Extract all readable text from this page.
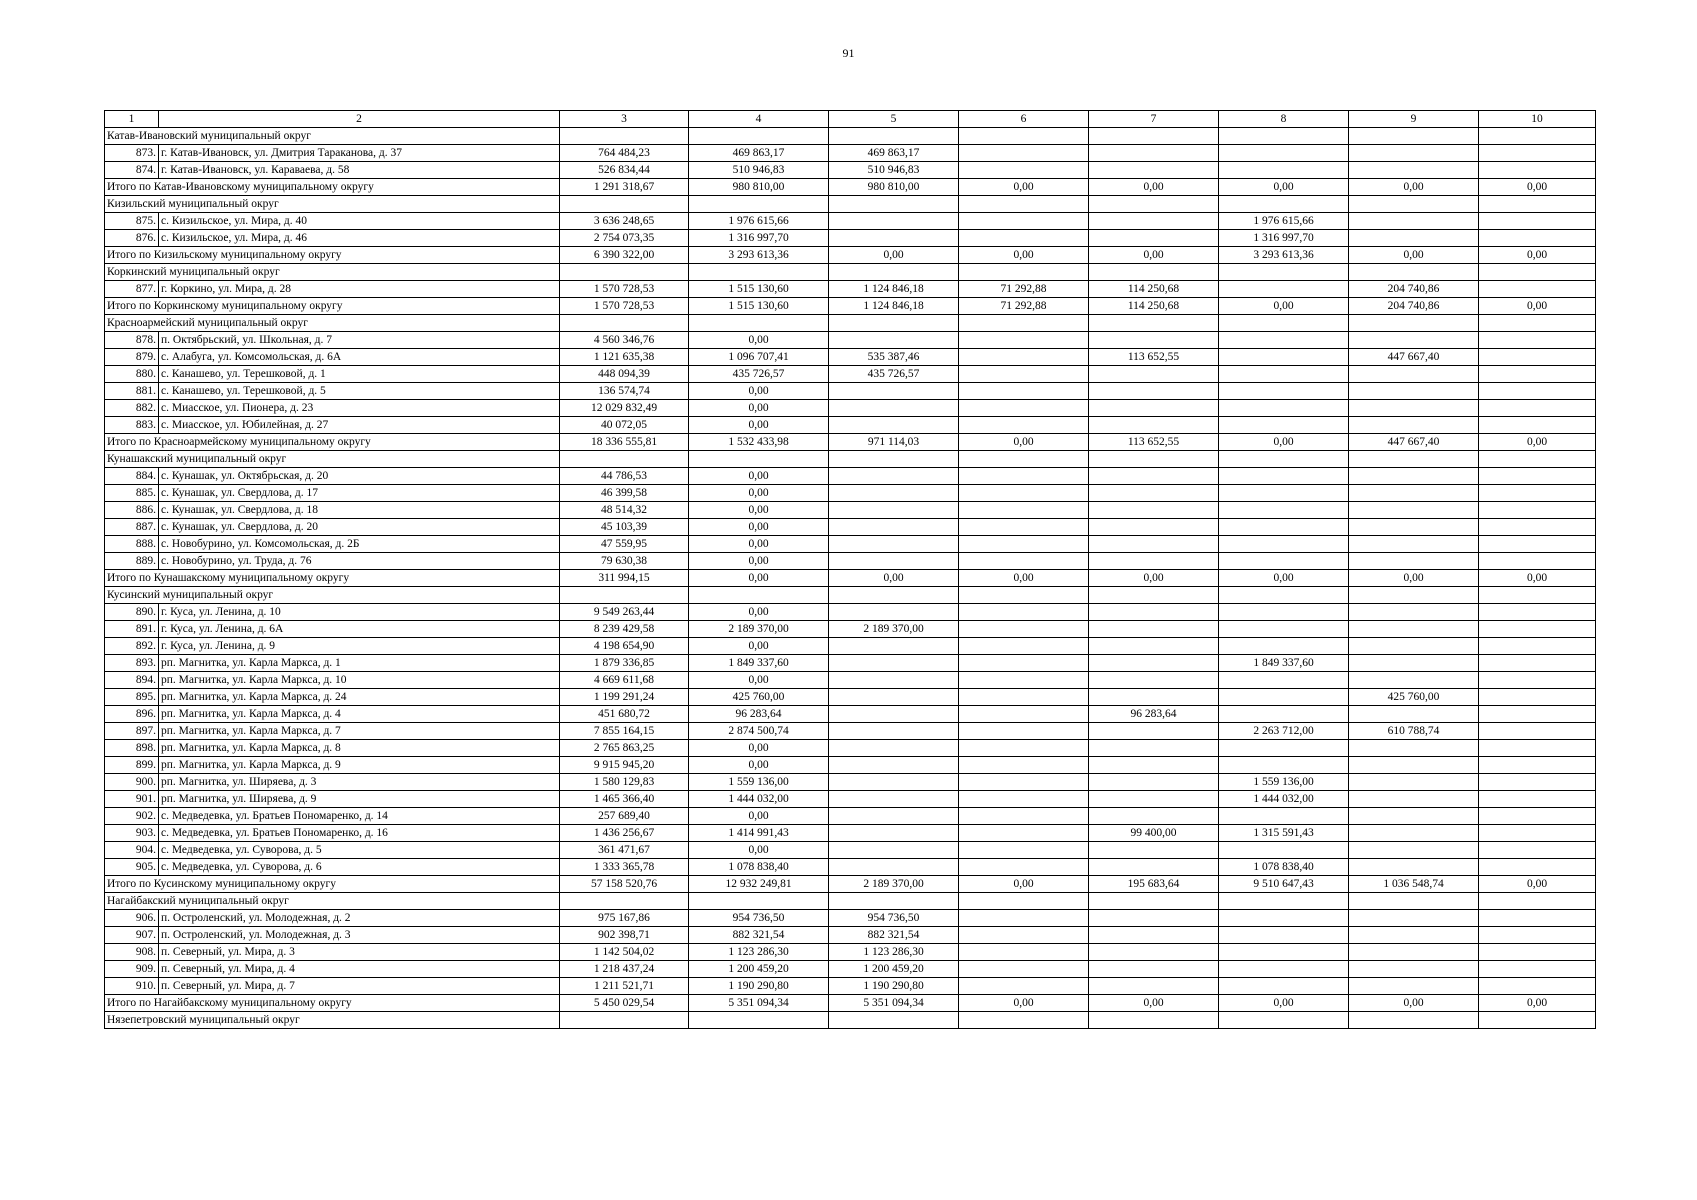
91
1	2	3	4	5	6	7	8	9	10
Катав-Ивановский муниципальный округ									
873.	г. Катав-Ивановск, ул. Дмитрия Тараканова, д. 37	764 484,23	469 863,17	469 863,17					
874.	г. Катав-Ивановск, ул. Караваева, д. 58	526 834,44	510 946,83	510 946,83					
Итого по Катав-Ивановскому муниципальному округу		1 291 318,67	980 810,00	980 810,00	0,00	0,00	0,00	0,00	0,00
Кизильский муниципальный округ									
875.	с. Кизильское, ул. Мира, д. 40	3 636 248,65	1 976 615,66				1 976 615,66		
876.	с. Кизильское, ул. Мира, д. 46	2 754 073,35	1 316 997,70				1 316 997,70		
Итого по Кизильскому муниципальному округу		6 390 322,00	3 293 613,36	0,00	0,00	0,00	3 293 613,36	0,00	0,00
Коркинский муниципальный округ									
877.	г. Коркино, ул. Мира, д. 28	1 570 728,53	1 515 130,60	1 124 846,18	71 292,88	114 250,68		204 740,86	
Итого по Коркинскому муниципальному округу		1 570 728,53	1 515 130,60	1 124 846,18	71 292,88	114 250,68	0,00	204 740,86	0,00
Красноармейский муниципальный округ									
878.	п. Октябрьский, ул. Школьная, д. 7	4 560 346,76	0,00						
879.	с. Алабуга, ул. Комсомольская, д. 6А	1 121 635,38	1 096 707,41	535 387,46		113 652,55		447 667,40	
880.	с. Канашево, ул. Терешковой, д. 1	448 094,39	435 726,57	435 726,57					
881.	с. Канашево, ул. Терешковой, д. 5	136 574,74	0,00						
882.	с. Миасское, ул. Пионера, д. 23	12 029 832,49	0,00						
883.	с. Миасское, ул. Юбилейная, д. 27	40 072,05	0,00						
Итого по Красноармейскому муниципальному округу		18 336 555,81	1 532 433,98	971 114,03	0,00	113 652,55	0,00	447 667,40	0,00
Кунашакский муниципальный округ									
884.	с. Кунашак, ул. Октябрьская, д. 20	44 786,53	0,00						
885.	с. Кунашак, ул. Свердлова, д. 17	46 399,58	0,00						
886.	с. Кунашак, ул. Свердлова, д. 18	48 514,32	0,00						
887.	с. Кунашак, ул. Свердлова, д. 20	45 103,39	0,00						
888.	с. Новобурино, ул. Комсомольская, д. 2Б	47 559,95	0,00						
889.	с. Новобурино, ул. Труда, д. 76	79 630,38	0,00						
Итого по Кунашакскому муниципальному округу		311 994,15	0,00	0,00	0,00	0,00	0,00	0,00	0,00
Кусинский муниципальный округ									
890.	г. Куса, ул. Ленина, д. 10	9 549 263,44	0,00						
891.	г. Куса, ул. Ленина, д. 6А	8 239 429,58	2 189 370,00	2 189 370,00					
892.	г. Куса, ул. Ленина, д. 9	4 198 654,90	0,00						
893.	рп. Магнитка, ул. Карла Маркса, д. 1	1 879 336,85	1 849 337,60				1 849 337,60		
894.	рп. Магнитка, ул. Карла Маркса, д. 10	4 669 611,68	0,00						
895.	рп. Магнитка, ул. Карла Маркса, д. 24	1 199 291,24	425 760,00					425 760,00	
896.	рп. Магнитка, ул. Карла Маркса, д. 4	451 680,72	96 283,64			96 283,64			
897.	рп. Магнитка, ул. Карла Маркса, д. 7	7 855 164,15	2 874 500,74				2 263 712,00	610 788,74	
898.	рп. Магнитка, ул. Карла Маркса, д. 8	2 765 863,25	0,00						
899.	рп. Магнитка, ул. Карла Маркса, д. 9	9 915 945,20	0,00						
900.	рп. Магнитка, ул. Ширяева, д. 3	1 580 129,83	1 559 136,00				1 559 136,00		
901.	рп. Магнитка, ул. Ширяева, д. 9	1 465 366,40	1 444 032,00				1 444 032,00		
902.	с. Медведевка, ул. Братьев Пономаренко, д. 14	257 689,40	0,00						
903.	с. Медведевка, ул. Братьев Пономаренко, д. 16	1 436 256,67	1 414 991,43			99 400,00	1 315 591,43		
904.	с. Медведевка, ул. Суворова, д. 5	361 471,67	0,00						
905.	с. Медведевка, ул. Суворова, д. 6	1 333 365,78	1 078 838,40				1 078 838,40		
Итого по Кусинскому муниципальному округу		57 158 520,76	12 932 249,81	2 189 370,00	0,00	195 683,64	9 510 647,43	1 036 548,74	0,00
Нагайбакский муниципальный округ									
906.	п. Остроленский, ул. Молодежная, д. 2	975 167,86	954 736,50	954 736,50					
907.	п. Остроленский, ул. Молодежная, д. 3	902 398,71	882 321,54	882 321,54					
908.	п. Северный, ул. Мира, д. 3	1 142 504,02	1 123 286,30	1 123 286,30					
909.	п. Северный, ул. Мира, д. 4	1 218 437,24	1 200 459,20	1 200 459,20					
910.	п. Северный, ул. Мира, д. 7	1 211 521,71	1 190 290,80	1 190 290,80					
Итого по Нагайбакскому муниципальному округу		5 450 029,54	5 351 094,34	5 351 094,34	0,00	0,00	0,00	0,00	0,00
Нязепетровский муниципальный округ									
